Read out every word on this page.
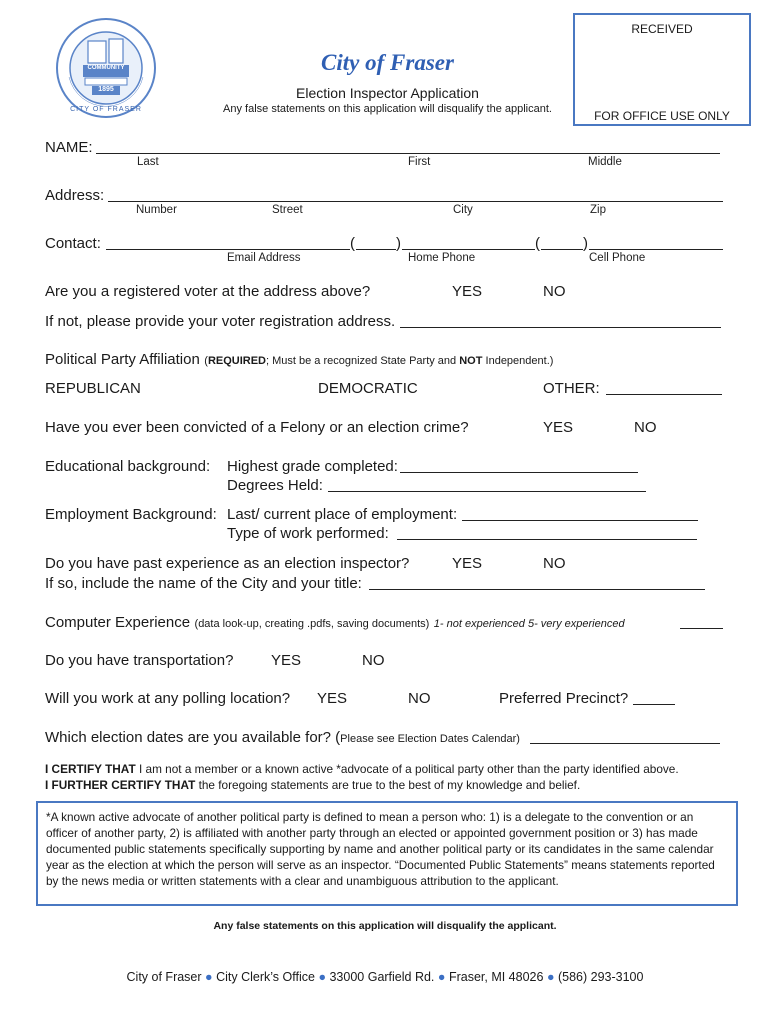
COMMUNITY
1895
CITY OF FRASER
City of Fraser
Election Inspector Application
Any false statements on this application will disqualify the applicant.
RECEIVED
FOR OFFICE USE ONLY
NAME:
Last	First	Middle
Address:
Number	Street	City	Zip
Contact:	(	)	(	)
Email Address	Home Phone	Cell Phone
Are you a registered voter at the address above?	YES	NO
If not, please provide your voter registration address.
Political Party Affiliation (REQUIRED; Must be a recognized State Party and NOT Independent.)
REPUBLICAN	DEMOCRATIC	OTHER:
Have you ever been convicted of a Felony or an election crime?	YES	NO
Educational background: Highest grade completed:
Degrees Held:
Employment Background: Last/ current place of employment:
Type of work performed:
Do you have past experience as an election inspector?	YES	NO
If so, include the name of the City and your title:
Computer Experience (data look-up, creating .pdfs, saving documents) 1- not experienced 5- very experienced
Do you have transportation?	YES	NO
Will you work at any polling location? YES	NO	Preferred Precinct?
Which election dates are you available for? (Please see Election Dates Calendar)
I CERTIFY THAT I am not a member or a known active *advocate of a political party other than the party identified above.
I FURTHER CERTIFY THAT the foregoing statements are true to the best of my knowledge and belief.
*A known active advocate of another political party is defined to mean a person who: 1) is a delegate to the convention or an officer of another party, 2) is affiliated with another party through an elected or appointed government position or 3) has made documented public statements specifically supporting by name and another political party or its candidates in the same calendar year as the election at which the person will serve as an inspector. “Documented Public Statements” means statements reported by the news media or written statements with a clear and unambiguous attribution to the applicant.
Any false statements on this application will disqualify the applicant.
City of Fraser ● City Clerk’s Office ● 33000 Garfield Rd. ● Fraser, MI 48026 ● (586) 293-3100
